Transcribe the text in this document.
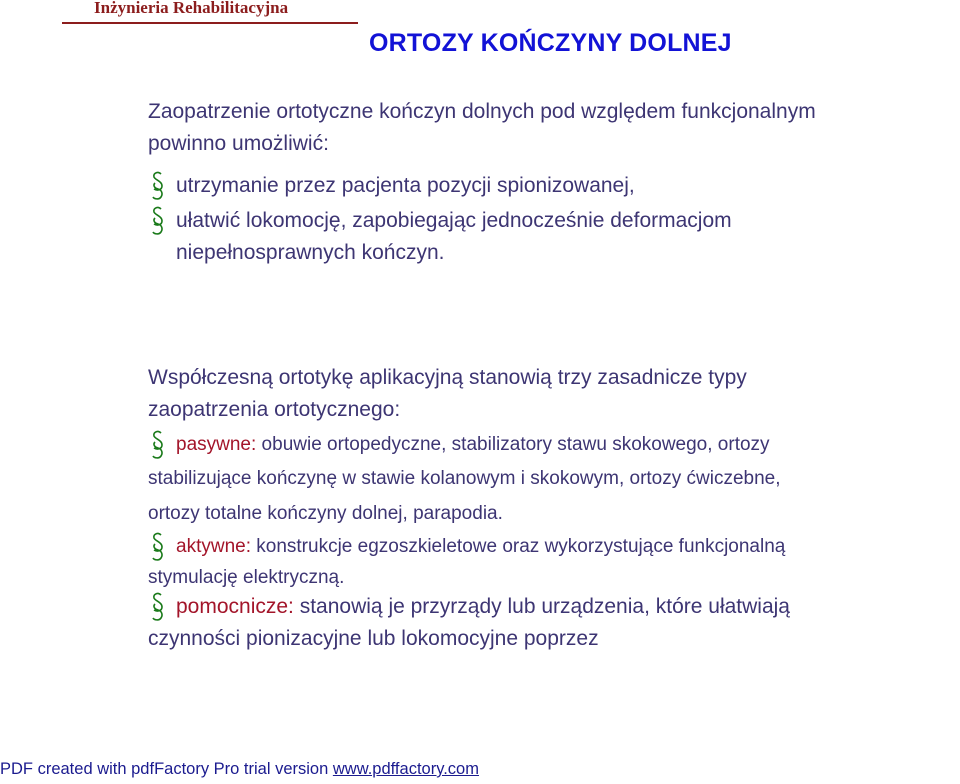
Inżynieria Rehabilitacyjna
ORTOZY KOŃCZYNY DOLNEJ
Zaopatrzenie ortotyczne kończyn dolnych pod względem funkcjonalnym
powinno umożliwić:
utrzymanie przez pacjenta pozycji spionizowanej,
ułatwić lokomocję, zapobiegając jednocześnie deformacjom
niepełnosprawnych kończyn.
Współczesną ortotykę aplikacyjną stanowią trzy zasadnicze typy
zaopatrzenia ortotycznego:
pasywne: obuwie ortopedyczne, stabilizatory stawu skokowego, ortozy
stabilizujące kończynę w stawie kolanowym i skokowym, ortozy ćwiczebne,
ortozy totalne kończyny dolnej, parapodia.
aktywne: konstrukcje egzoszkieletowe oraz wykorzystujące funkcjonalną
stymulację elektryczną.
pomocnicze: stanowią je przyrządy lub urządzenia, które ułatwiają
czynności pionizacyjne lub lokomocyjne poprzez
PDF created with pdfFactory Pro trial version www.pdffactory.com
